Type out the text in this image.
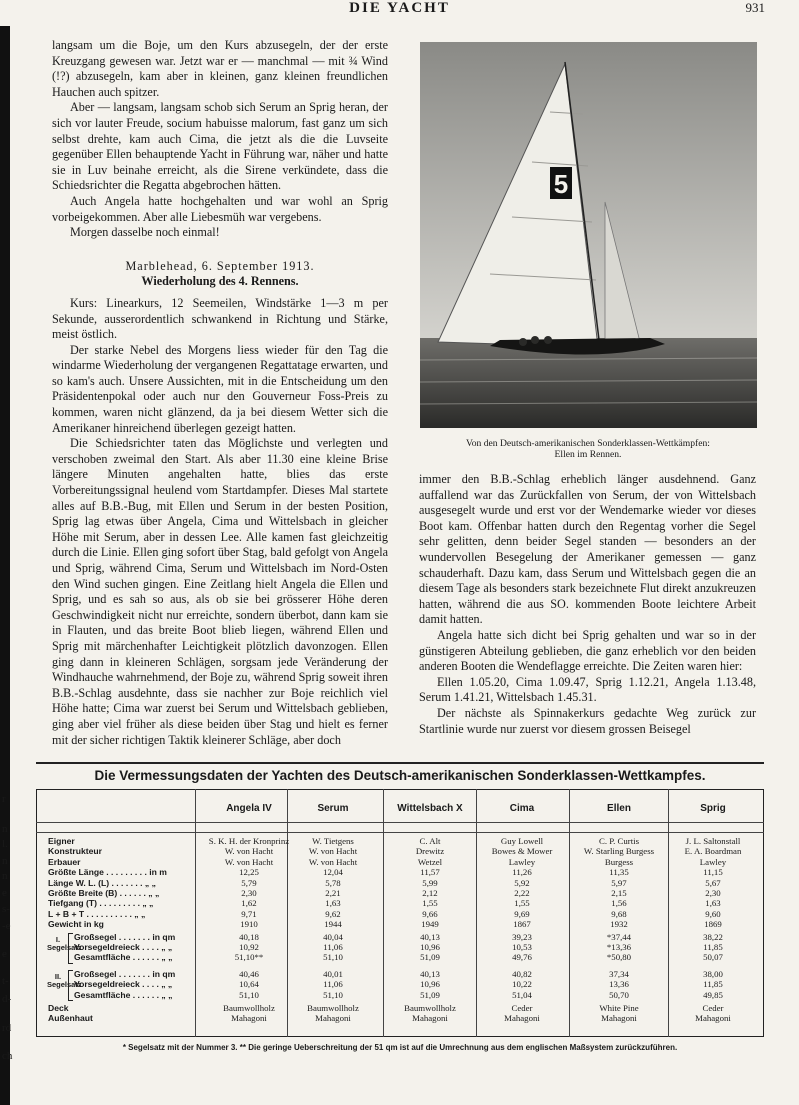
DIE YACHT	931
r
n
l.
n
n
e
s-
-e
e
t-
d-
rd
ch

langsam um die Boje, um den Kurs abzusegeln, der der erste Kreuzgang gewesen war. Jetzt war er — manchmal — mit ¾ Wind (!?) abzusegeln, kam aber in kleinen, ganz kleinen freundlichen Hauchen auch spitzer.

Aber — langsam, langsam schob sich Serum an Sprig heran, der sich vor lauter Freude, socium habuisse malorum, fast ganz um sich selbst drehte, kam auch Cima, die jetzt als die die Luvseite gegenüber Ellen behauptende Yacht in Führung war, näher und hatte sie in Luv beinahe erreicht, als die Sirene verkündete, dass die Schiedsrichter die Regatta abgebrochen hätten.

Auch Angela hatte hochgehalten und war wohl an Sprig vorbeigekommen. Aber alle Liebesmüh war vergebens.

Morgen dasselbe noch einmal!

Marblehead, 6. September 1913.

Wiederholung des 4. Rennens.

Kurs: Linearkurs, 12 Seemeilen, Windstärke 1—3 m per Sekunde, ausserordentlich schwankend in Richtung und Stärke, meist östlich.

Der starke Nebel des Morgens liess wieder für den Tag die windarme Wiederholung der vergangenen Regattatage erwarten, und so kam's auch. Unsere Aussichten, mit in die Entscheidung um den Präsidentenpokal oder auch nur den Gouverneur Foss-Preis zu kommen, waren nicht glänzend, da ja bei diesem Wetter sich die Amerikaner hinreichend überlegen gezeigt hatten.

Die Schiedsrichter taten das Möglichste und verlegten und verschoben zweimal den Start. Als aber 11.30 eine kleine Brise längere Minuten angehalten hatte, blies das erste Vorbereitungssignal heulend vom Startdampfer. Dieses Mal startete alles auf B.B.-Bug, mit Ellen und Serum in der besten Position, Sprig lag etwas über Angela, Cima und Wittelsbach in gleicher Höhe mit Serum, aber in dessen Lee. Alle kamen fast gleichzeitig durch die Linie. Ellen ging sofort über Stag, bald gefolgt von Angela und Sprig, während Cima, Serum und Wittelsbach im Nord-Osten den Wind suchen gingen. Eine Zeitlang hielt Angela die Ellen und Sprig, und es sah so aus, als ob sie bei grösserer Höhe deren Geschwindigkeit nicht nur erreichte, sondern überbot, dann kam sie in Flauten, und das breite Boot blieb liegen, während Ellen und Sprig mit märchenhafter Leichtigkeit plötzlich davonzogen. Ellen ging dann in kleineren Schlägen, sorgsam jede Veränderung der Windhauche wahrnehmend, der Boje zu, während Sprig soweit ihren B.B.-Schlag ausdehnte, dass sie nachher zur Boje reichlich viel Höhe hatte; Cima war zuerst bei Serum und Wittelsbach geblieben, ging aber viel früher als diese beiden über Stag und hielt es ferner mit der sicher richtigen Taktik kleinerer Schläge, aber doch

5
Von den Deutsch-amerikanischen Sonderklassen-Wettkämpfen:
Ellen im Rennen.

immer den B.B.-Schlag erheblich länger ausdehnend. Ganz auffallend war das Zurückfallen von Serum, der von Wittelsbach ausgesegelt wurde und erst vor der Wendemarke wieder vor dieses Boot kam. Offenbar hatten durch den Regentag vorher die Segel sehr gelitten, denn beider Segel standen — besonders an der wundervollen Besegelung der Amerikaner gemessen — ganz schauderhaft. Dazu kam, dass Serum und Wittelsbach gegen die an diesem Tage als besonders stark bezeichnete Flut direkt anzukreuzen hatten, während die aus SO. kommenden Boote leichtere Arbeit damit hatten.

Angela hatte sich dicht bei Sprig gehalten und war so in der günstigeren Abteilung geblieben, die ganz erheblich vor den beiden anderen Booten die Wendeflagge erreichte. Die Zeiten waren hier:

Ellen 1.05.20, Cima 1.09.47, Sprig 1.12.21, Angela 1.13.48, Serum 1.41.21, Wittelsbach 1.45.31.

Der nächste als Spinnakerkurs gedachte Weg zurück zur Startlinie wurde nur zuerst vor diesem grossen Beisegel

Die Vermessungsdaten der Yachten des Deutsch-amerikanischen Sonderklassen-Wettkampfes.
Angela IV	Serum	Wittelsbach X	Cima	Ellen	Sprig
Eigner	S. K. H. der Kronprinz	W. Tietgens	C. Alt	Guy Lowell	C. P. Curtis	J. L. Saltonstall
Konstrukteur	W. von Hacht	W. von Hacht	Drewitz	Bowes & Mower	W. Starling Burgess	E. A. Boardman
Erbauer	W. von Hacht	W. von Hacht	Wetzel	Lawley	Burgess	Lawley
Größte Länge . . . . . . . . . in m	12,25	12,04	11,57	11,26	11,35	11,15
Länge W. L. (L) . . . . . . . „ „	5,79	5,78	5,99	5,92	5,97	5,67
Größte Breite (B) . . . . . . „ „	2,30	2,21	2,12	2,22	2,15	2,30
Tiefgang (T) . . . . . . . . . „ „	1,62	1,63	1,55	1,55	1,56	1,63
L + B + T . . . . . . . . . . „ „	9,71	9,62	9,66	9,69	9,68	9,60
Gewicht in kg	1910	1944	1949	1867	1932	1869
I. Segelsatz
Großsegel . . . . . . . in qm	40,18	40,04	40,13	39,23	*37,44	38,22
Vorsegeldreieck . . . . „ „	10,92	11,06	10,96	10,53	*13,36	11,85
Gesamtfläche . . . . . . „ „	51,10**	51,10	51,09	49,76	*50,80	50,07
II. Segelsatz
Großsegel . . . . . . . in qm	40,46	40,01	40,13	40,82	37,34	38,00
Vorsegeldreieck . . . . „ „	10,64	11,06	10,96	10,22	13,36	11,85
Gesamtfläche . . . . . . „ „	51,10	51,10	51,09	51,04	50,70	49,85
Deck	Baumwollholz	Baumwollholz	Baumwollholz	Ceder	White Pine	Ceder
Außenhaut	Mahagoni	Mahagoni	Mahagoni	Mahagoni	Mahagoni	Mahagoni
* Segelsatz mit der Nummer 3. ** Die geringe Ueberschreitung der 51 qm ist auf die Umrechnung aus dem englischen Maßsystem zurückzuführen.
